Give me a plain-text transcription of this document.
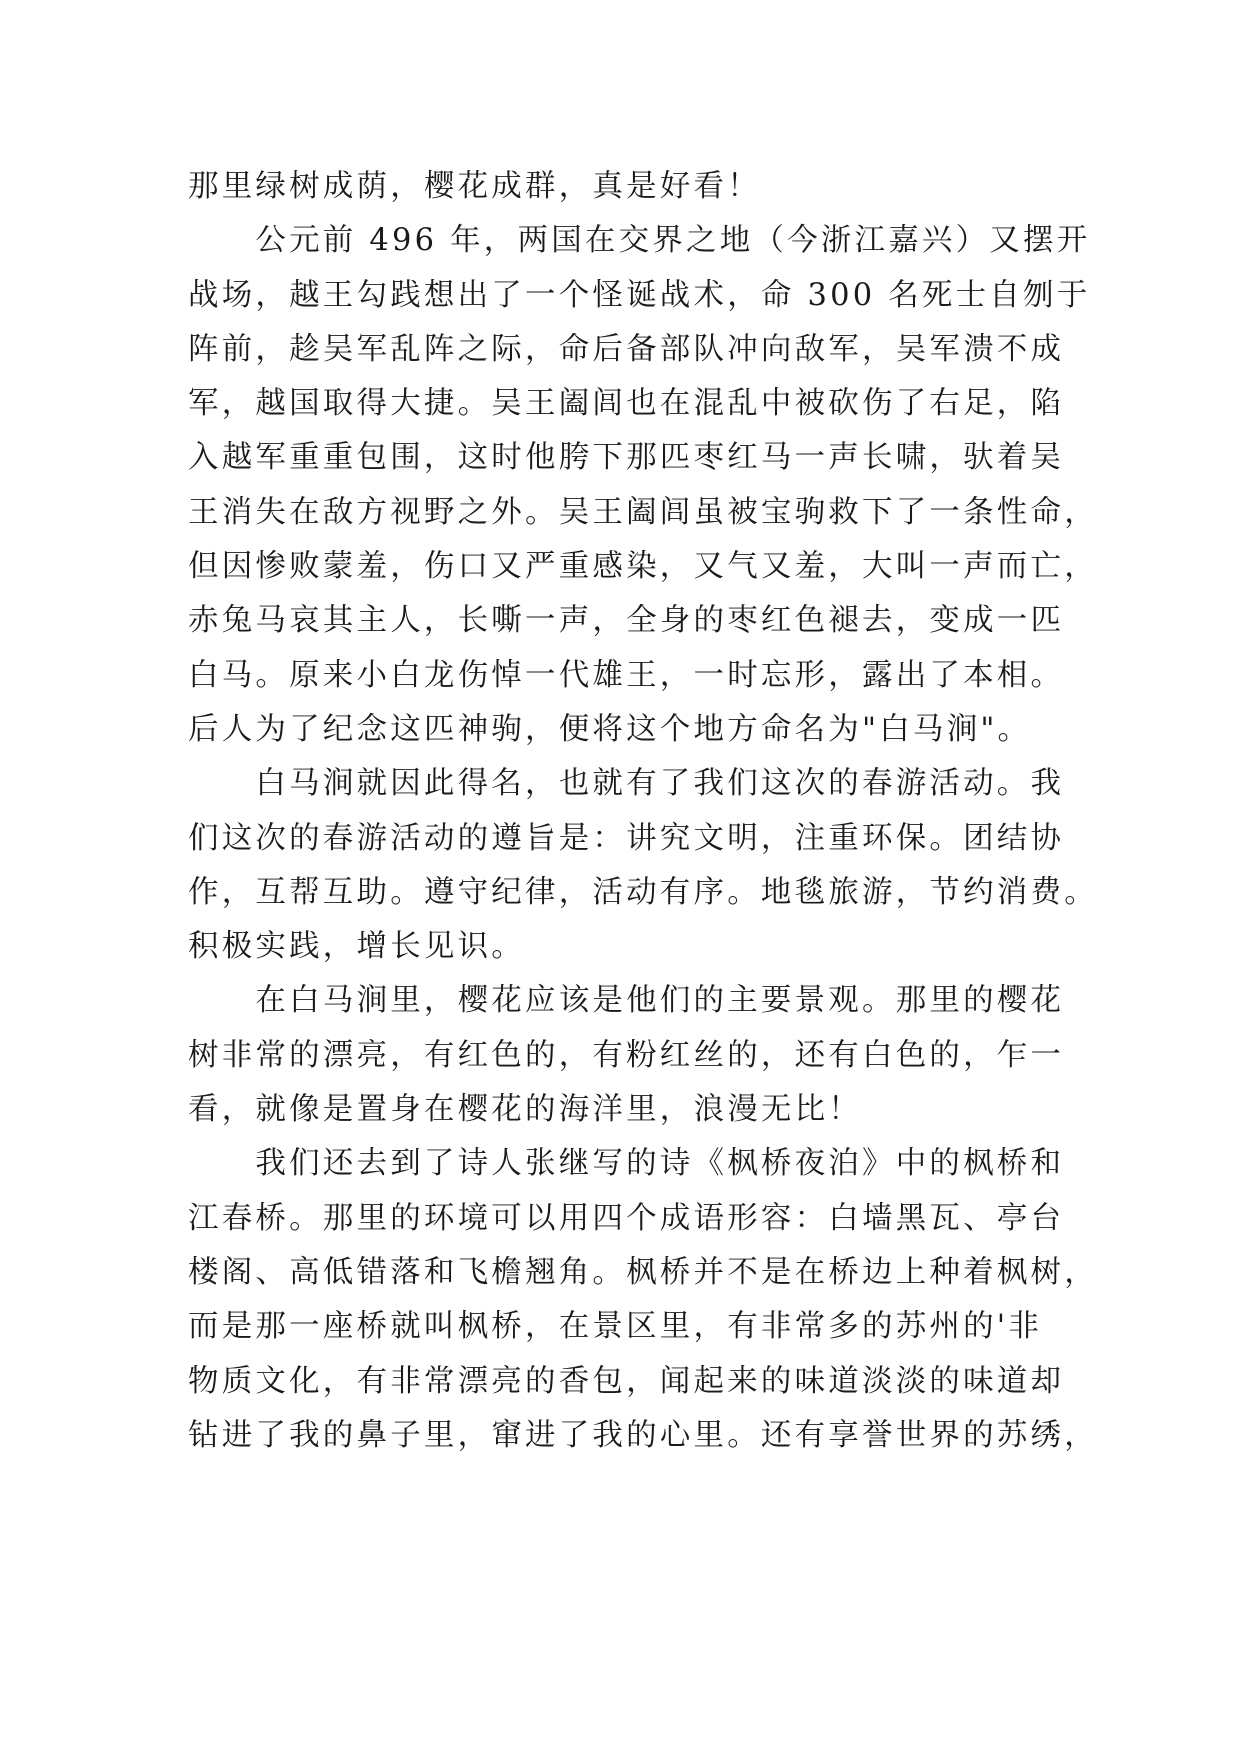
那里绿树成荫，樱花成群，真是好看！
　　公元前 496 年，两国在交界之地（今浙江嘉兴）又摆开
战场，越王勾践想出了一个怪诞战术，命 300 名死士自刎于
阵前，趁吴军乱阵之际，命后备部队冲向敌军，吴军溃不成
军，越国取得大捷。吴王阖闾也在混乱中被砍伤了右足，陷
入越军重重包围，这时他胯下那匹枣红马一声长啸，驮着吴
王消失在敌方视野之外。吴王阖闾虽被宝驹救下了一条性命，
但因惨败蒙羞，伤口又严重感染，又气又羞，大叫一声而亡，
赤兔马哀其主人，长嘶一声，全身的枣红色褪去，变成一匹
白马。原来小白龙伤悼一代雄王，一时忘形，露出了本相。
后人为了纪念这匹神驹，便将这个地方命名为"白马涧"。
　　白马涧就因此得名，也就有了我们这次的春游活动。我
们这次的春游活动的遵旨是：讲究文明，注重环保。团结协
作，互帮互助。遵守纪律，活动有序。地毯旅游，节约消费。
积极实践，增长见识。
　　在白马涧里，樱花应该是他们的主要景观。那里的樱花
树非常的漂亮，有红色的，有粉红丝的，还有白色的，乍一
看，就像是置身在樱花的海洋里，浪漫无比！
　　我们还去到了诗人张继写的诗《枫桥夜泊》中的枫桥和
江春桥。那里的环境可以用四个成语形容：白墙黑瓦、亭台
楼阁、高低错落和飞檐翘角。枫桥并不是在桥边上种着枫树，
而是那一座桥就叫枫桥，在景区里，有非常多的苏州的'非
物质文化，有非常漂亮的香包，闻起来的味道淡淡的味道却
钻进了我的鼻子里，窜进了我的心里。还有享誉世界的苏绣，
